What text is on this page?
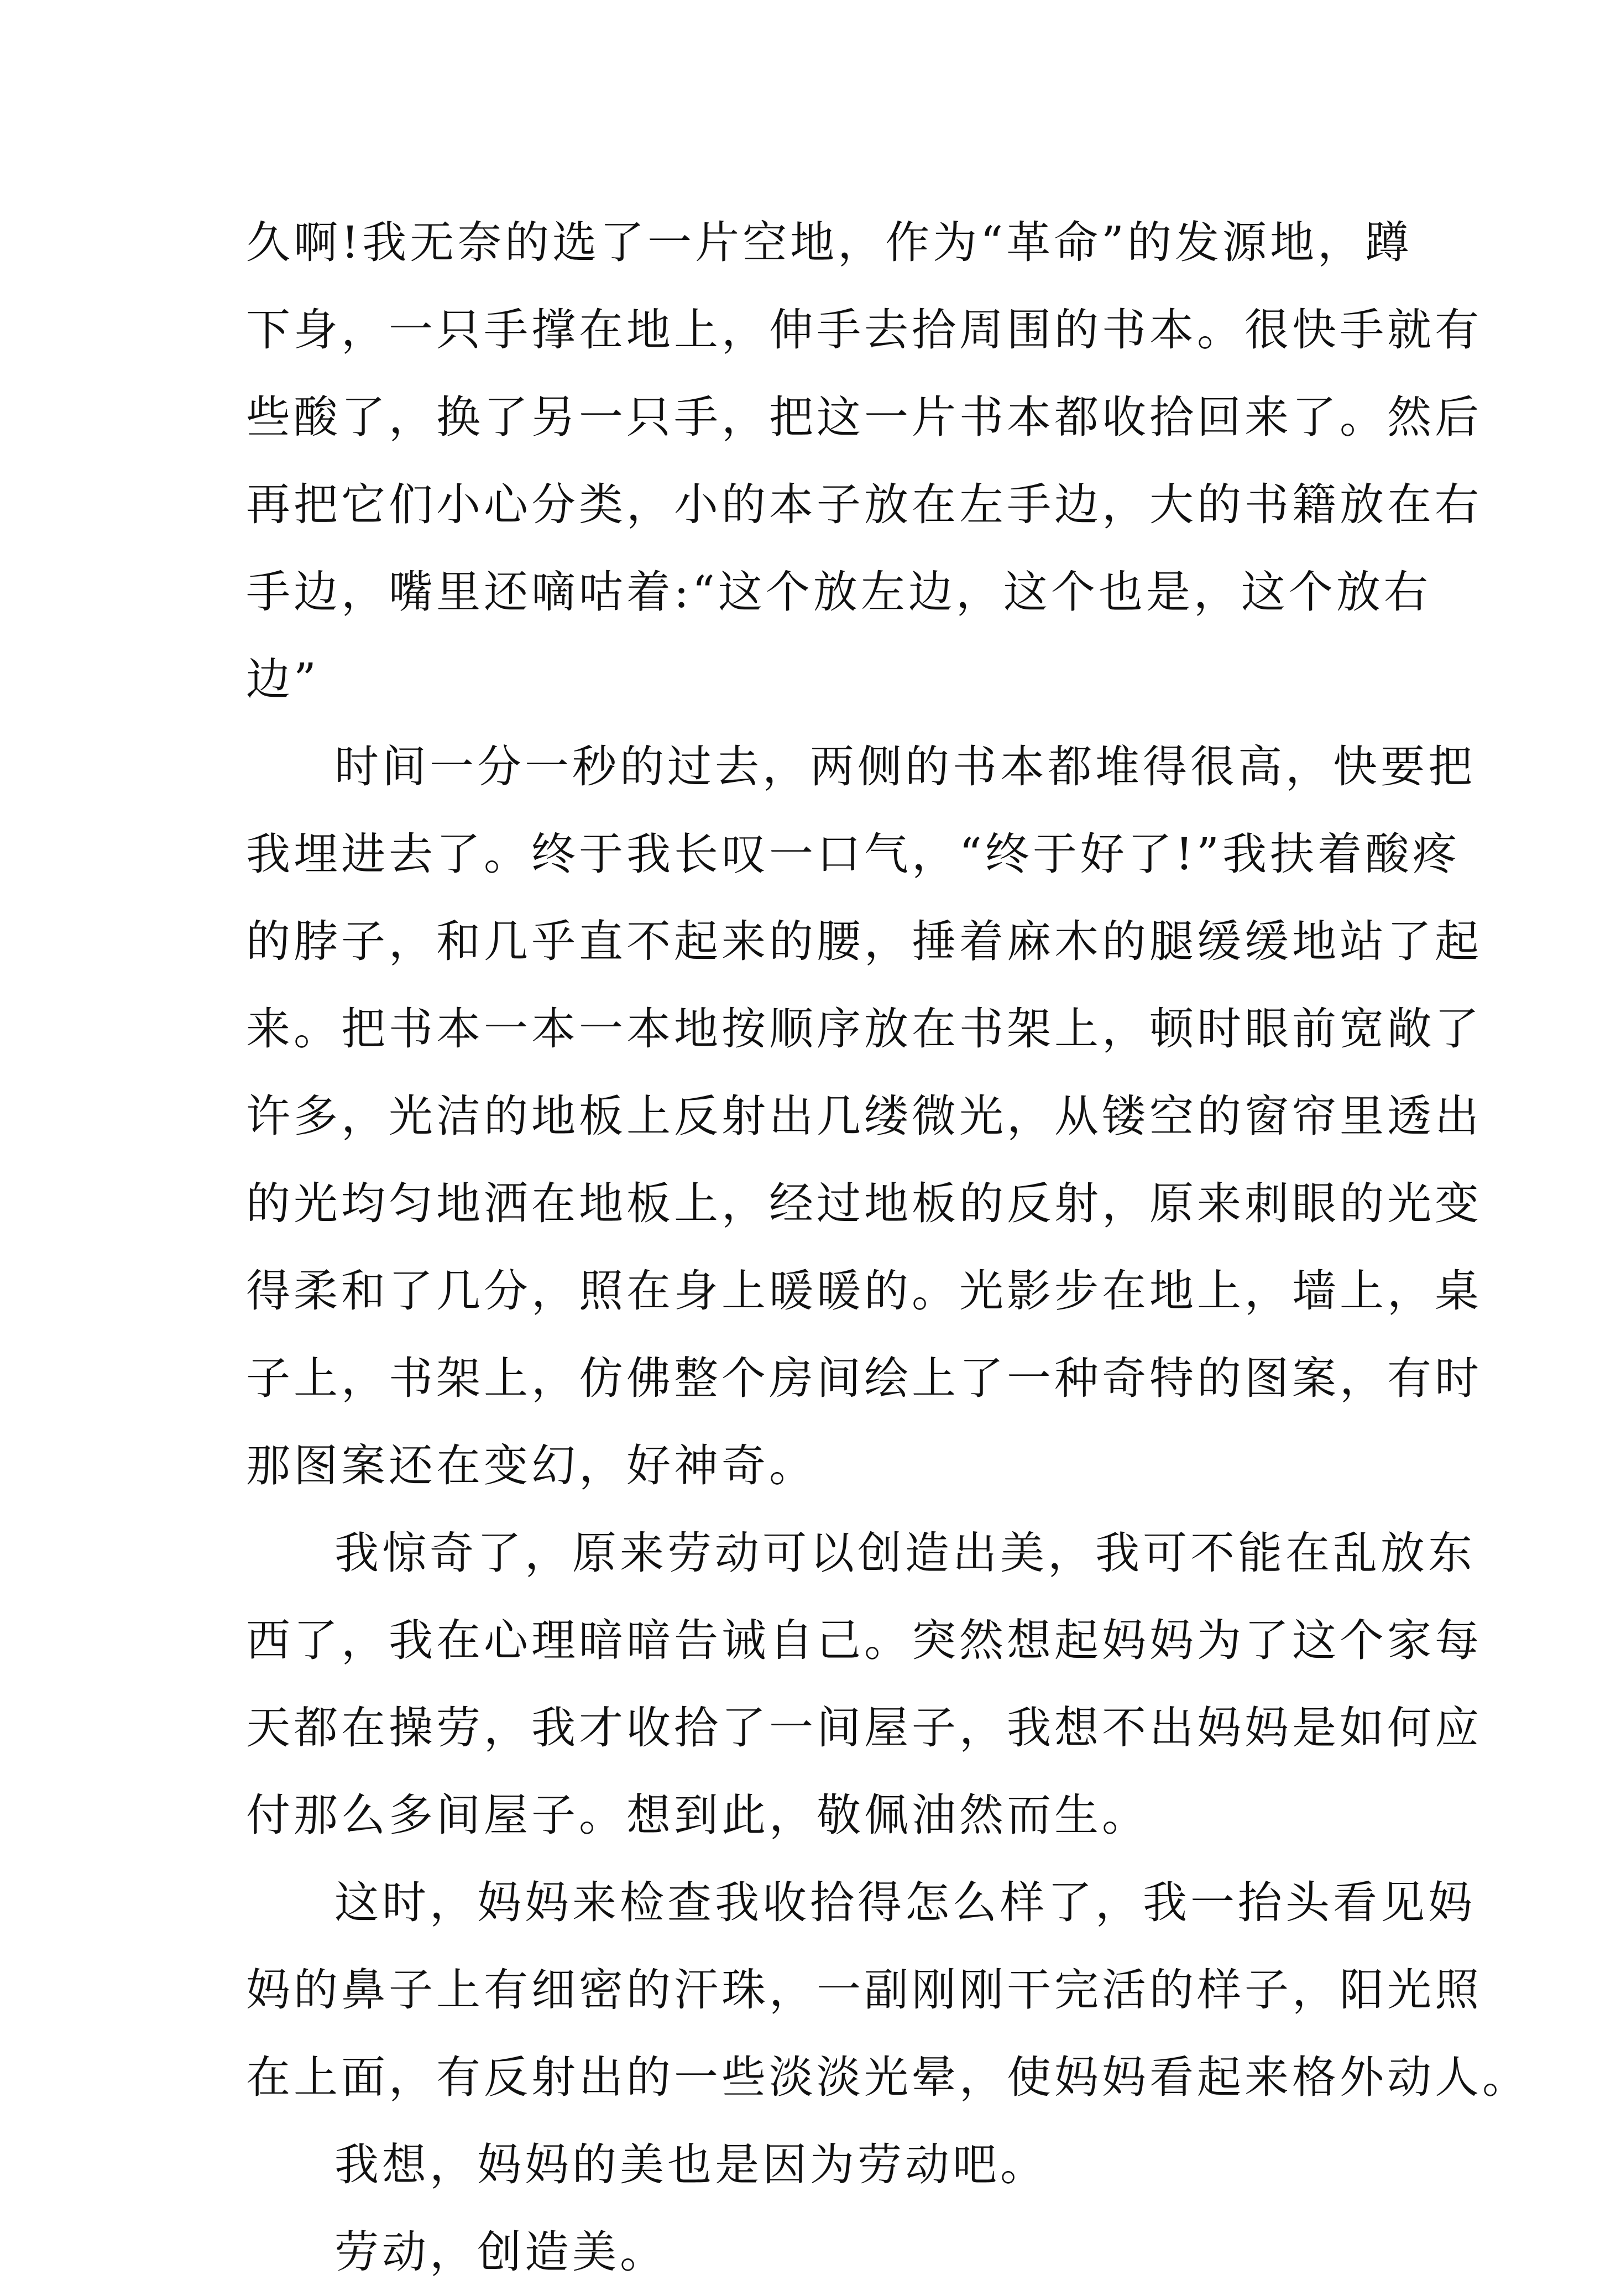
久啊!我无奈的选了一片空地，作为“革命”的发源地，蹲
下身，一只手撑在地上，伸手去拾周围的书本。很快手就有
些酸了，换了另一只手，把这一片书本都收拾回来了。然后
再把它们小心分类，小的本子放在左手边，大的书籍放在右
手边，嘴里还嘀咕着:“这个放左边，这个也是，这个放右
边”
时间一分一秒的过去，两侧的书本都堆得很高，快要把
我埋进去了。终于我长叹一口气，“终于好了!”我扶着酸疼
的脖子，和几乎直不起来的腰，捶着麻木的腿缓缓地站了起
来。把书本一本一本地按顺序放在书架上，顿时眼前宽敞了
许多，光洁的地板上反射出几缕微光，从镂空的窗帘里透出
的光均匀地洒在地板上，经过地板的反射，原来刺眼的光变
得柔和了几分，照在身上暖暖的。光影步在地上，墙上，桌
子上，书架上，仿佛整个房间绘上了一种奇特的图案，有时
那图案还在变幻，好神奇。
我惊奇了，原来劳动可以创造出美，我可不能在乱放东
西了，我在心理暗暗告诫自己。突然想起妈妈为了这个家每
天都在操劳，我才收拾了一间屋子，我想不出妈妈是如何应
付那么多间屋子。想到此，敬佩油然而生。
这时，妈妈来检查我收拾得怎么样了，我一抬头看见妈
妈的鼻子上有细密的汗珠，一副刚刚干完活的样子，阳光照
在上面，有反射出的一些淡淡光晕，使妈妈看起来格外动人。
我想，妈妈的美也是因为劳动吧。
劳动，创造美。
